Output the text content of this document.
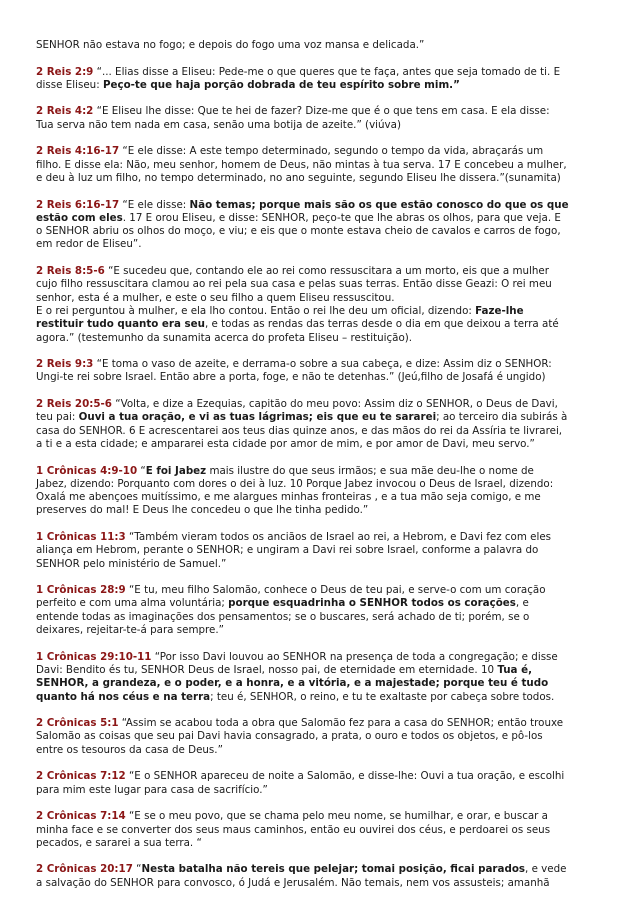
SENHOR não estava no fogo; e depois do fogo uma voz mansa e delicada.”
2 Reis 2:9 “... Elias disse a Eliseu: Pede-me o que queres que te faça, antes que seja tomado de ti. E
disse Eliseu: Peço-te que haja porção dobrada de teu espírito sobre mim.”
2 Reis 4:2 “E Eliseu lhe disse: Que te hei de fazer? Dize-me que é o que tens em casa. E ela disse:
Tua serva não tem nada em casa, senão uma botija de azeite.” (viúva)
2 Reis 4:16-17 “E ele disse: A este tempo determinado, segundo o tempo da vida, abraçarás um
filho. E disse ela: Não, meu senhor, homem de Deus, não mintas à tua serva. 17 E concebeu a mulher,
e deu à luz um filho, no tempo determinado, no ano seguinte, segundo Eliseu lhe dissera.”(sunamita)
2 Reis 6:16-17 “E ele disse: Não temas; porque mais são os que estão conosco do que os que
estão com eles. 17 E orou Eliseu, e disse: SENHOR, peço-te que lhe abras os olhos, para que veja. E
o SENHOR abriu os olhos do moço, e viu; e eis que o monte estava cheio de cavalos e carros de fogo,
em redor de Eliseu”.
2 Reis 8:5-6 “E sucedeu que, contando ele ao rei como ressuscitara a um morto, eis que a mulher
cujo filho ressuscitara clamou ao rei pela sua casa e pelas suas terras. Então disse Geazi: O rei meu
senhor, esta é a mulher, e este o seu filho a quem Eliseu ressuscitou.
E o rei perguntou à mulher, e ela lho contou. Então o rei lhe deu um oficial, dizendo: Faze-lhe
restituir tudo quanto era seu, e todas as rendas das terras desde o dia em que deixou a terra até
agora.” (testemunho da sunamita acerca do profeta Eliseu – restituição).
2 Reis 9:3 “E toma o vaso de azeite, e derrama-o sobre a sua cabeça, e dize: Assim diz o SENHOR:
Ungi-te rei sobre Israel. Então abre a porta, foge, e não te detenhas.” (Jeú,filho de Josafá é ungido)
2 Reis 20:5-6 “Volta, e dize a Ezequias, capitão do meu povo: Assim diz o SENHOR, o Deus de Davi,
teu pai: Ouvi a tua oração, e vi as tuas lágrimas; eis que eu te sararei; ao terceiro dia subirás à
casa do SENHOR. 6 E acrescentarei aos teus dias quinze anos, e das mãos do rei da Assíria te livrarei,
a ti e a esta cidade; e ampararei esta cidade por amor de mim, e por amor de Davi, meu servo.”
1 Crônicas 4:9-10 “E foi Jabez mais ilustre do que seus irmãos; e sua mãe deu-lhe o nome de
Jabez, dizendo: Porquanto com dores o dei à luz. 10 Porque Jabez invocou o Deus de Israel, dizendo:
Oxalá me abençoes muitíssimo, e me alargues minhas fronteiras , e a tua mão seja comigo, e me
preserves do mal! E Deus lhe concedeu o que lhe tinha pedido.”
1 Crônicas 11:3 “Também vieram todos os anciãos de Israel ao rei, a Hebrom, e Davi fez com eles
aliança em Hebrom, perante o SENHOR; e ungiram a Davi rei sobre Israel, conforme a palavra do
SENHOR pelo ministério de Samuel.”
1 Crônicas 28:9 “E tu, meu filho Salomão, conhece o Deus de teu pai, e serve-o com um coração
perfeito e com uma alma voluntária; porque esquadrinha o SENHOR todos os corações, e
entende todas as imaginações dos pensamentos; se o buscares, será achado de ti; porém, se o
deixares, rejeitar-te-á para sempre.”
1 Crônicas 29:10-11 “Por isso Davi louvou ao SENHOR na presença de toda a congregação; e disse
Davi: Bendito és tu, SENHOR Deus de Israel, nosso pai, de eternidade em eternidade. 10 Tua é,
SENHOR, a grandeza, e o poder, e a honra, e a vitória, e a majestade; porque teu é tudo
quanto há nos céus e na terra; teu é, SENHOR, o reino, e tu te exaltaste por cabeça sobre todos.
2 Crônicas 5:1 “Assim se acabou toda a obra que Salomão fez para a casa do SENHOR; então trouxe
Salomão as coisas que seu pai Davi havia consagrado, a prata, o ouro e todos os objetos, e pô-los
entre os tesouros da casa de Deus.”
2 Crônicas 7:12 “E o SENHOR apareceu de noite a Salomão, e disse-lhe: Ouvi a tua oração, e escolhi
para mim este lugar para casa de sacrifício.”
2 Crônicas 7:14 “E se o meu povo, que se chama pelo meu nome, se humilhar, e orar, e buscar a
minha face e se converter dos seus maus caminhos, então eu ouvirei dos céus, e perdoarei os seus
pecados, e sararei a sua terra. “
2 Crônicas 20:17 “Nesta batalha não tereis que pelejar; tomai posição, ficai parados, e vede
a salvação do SENHOR para convosco, ó Judá e Jerusalém. Não temais, nem vos assusteis; amanhã
